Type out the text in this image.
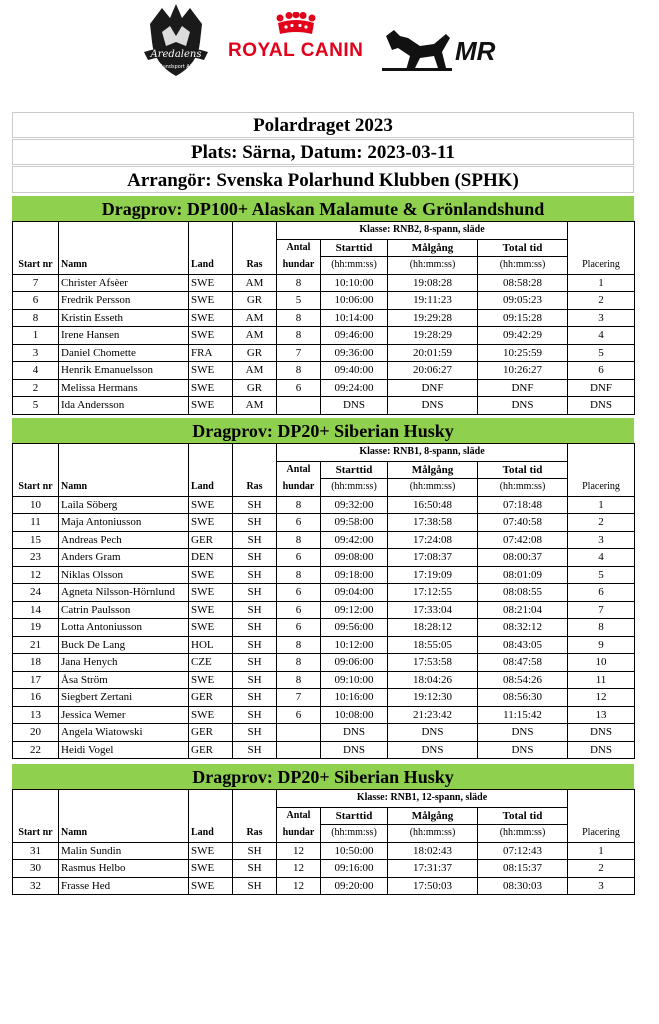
Aredalens
Hundsport AB
ROYAL CANIN	MR
Polardraget 2023
Plats: Särna, Datum: 2023-03-11
Arrangör: Svenska Polarhund Klubben (SPHK)
Dragprov: DP100+ Alaskan Malamute & Grönlandshund
				Klasse: RNB2, 8-spann, släde				
				Antal	Starttid	Målgång	Total tid	
Start nr	Namn	Land	Ras	hundar	(hh:mm:ss)	(hh:mm:ss)	(hh:mm:ss)	Placering
7	Christer Afsèer	SWE	AM	8	10:10:00	19:08:28	08:58:28	1
6	Fredrik Persson	SWE	GR	5	10:06:00	19:11:23	09:05:23	2
8	Kristin Esseth	SWE	AM	8	10:14:00	19:29:28	09:15:28	3
1	Irene Hansen	SWE	AM	8	09:46:00	19:28:29	09:42:29	4
3	Daniel Chomette	FRA	GR	7	09:36:00	20:01:59	10:25:59	5
4	Henrik Emanuelsson	SWE	AM	8	09:40:00	20:06:27	10:26:27	6
2	Melissa Hermans	SWE	GR	6	09:24:00	DNF	DNF	DNF
5	Ida Andersson	SWE	AM		DNS	DNS	DNS	DNS
Dragprov: DP20+ Siberian Husky
				Klasse: RNB1, 8-spann, släde				
				Antal	Starttid	Målgång	Total tid	
Start nr	Namn	Land	Ras	hundar	(hh:mm:ss)	(hh:mm:ss)	(hh:mm:ss)	Placering
10	Laila Söberg	SWE	SH	8	09:32:00	16:50:48	07:18:48	1
11	Maja Antoniusson	SWE	SH	6	09:58:00	17:38:58	07:40:58	2
15	Andreas Pech	GER	SH	8	09:42:00	17:24:08	07:42:08	3
23	Anders Gram	DEN	SH	6	09:08:00	17:08:37	08:00:37	4
12	Niklas Olsson	SWE	SH	8	09:18:00	17:19:09	08:01:09	5
24	Agneta Nilsson-Hörnlund	SWE	SH	6	09:04:00	17:12:55	08:08:55	6
14	Catrin Paulsson	SWE	SH	6	09:12:00	17:33:04	08:21:04	7
19	Lotta Antoniusson	SWE	SH	6	09:56:00	18:28:12	08:32:12	8
21	Buck De Lang	HOL	SH	8	10:12:00	18:55:05	08:43:05	9
18	Jana Henych	CZE	SH	8	09:06:00	17:53:58	08:47:58	10
17	Åsa Ström	SWE	SH	8	09:10:00	18:04:26	08:54:26	11
16	Siegbert Zertani	GER	SH	7	10:16:00	19:12:30	08:56:30	12
13	Jessica Wemer	SWE	SH	6	10:08:00	21:23:42	11:15:42	13
20	Angela Wiatowski	GER	SH		DNS	DNS	DNS	DNS
22	Heidi Vogel	GER	SH		DNS	DNS	DNS	DNS
Dragprov: DP20+ Siberian Husky
				Klasse: RNB1, 12-spann, släde				
				Antal	Starttid	Målgång	Total tid	
Start nr	Namn	Land	Ras	hundar	(hh:mm:ss)	(hh:mm:ss)	(hh:mm:ss)	Placering
31	Malin Sundin	SWE	SH	12	10:50:00	18:02:43	07:12:43	1
30	Rasmus Helbo	SWE	SH	12	09:16:00	17:31:37	08:15:37	2
32	Frasse Hed	SWE	SH	12	09:20:00	17:50:03	08:30:03	3
